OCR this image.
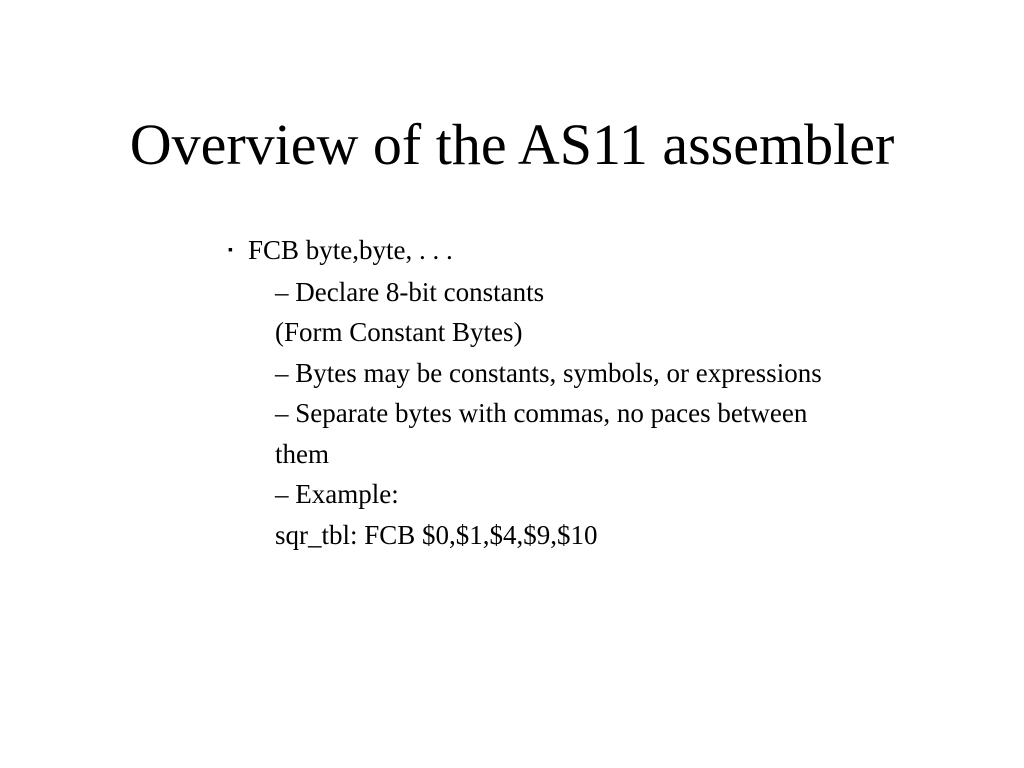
Overview of the AS11 assembler
▪ FCB byte,byte, . . .
– Declare 8-bit constants
(Form Constant Bytes)
– Bytes may be constants, symbols, or expressions
– Separate bytes with commas, no paces between
them
– Example:
sqr_tbl: FCB $0,$1,$4,$9,$10
